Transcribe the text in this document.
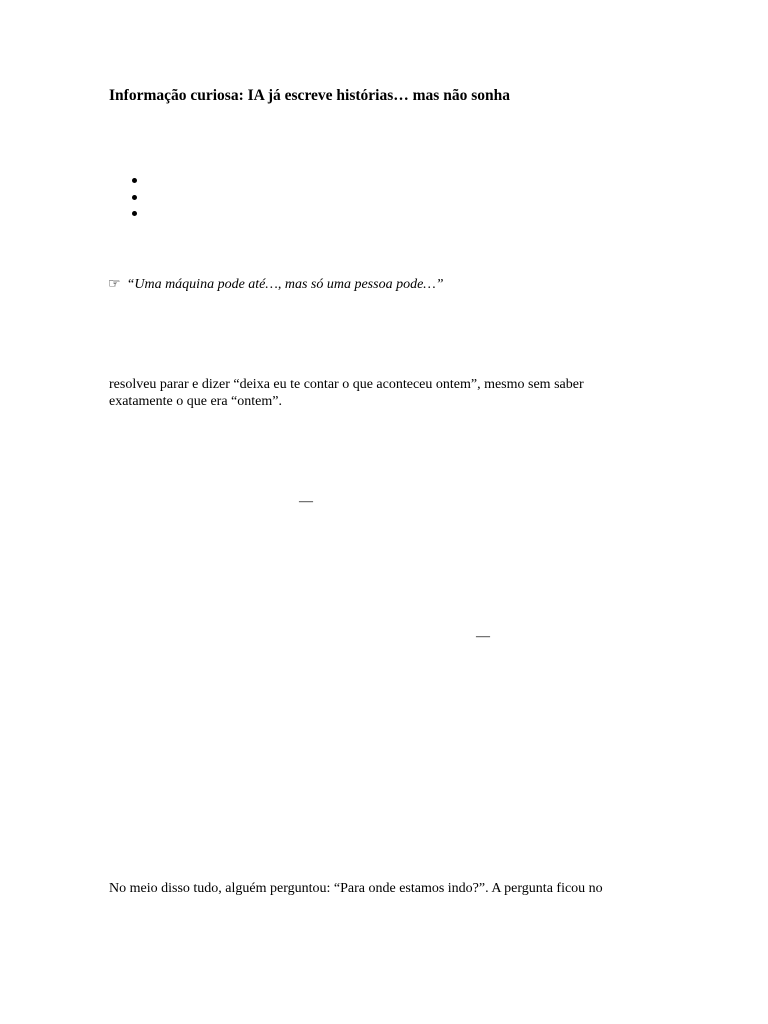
Informação curiosa: IA já escreve histórias… mas não sonha
☞ “Uma máquina pode até…, mas só uma pessoa pode…”
resolveu parar e dizer “deixa eu te contar o que aconteceu ontem”, mesmo sem saber
exatamente o que era “ontem”.
—
—
No meio disso tudo, alguém perguntou: “Para onde estamos indo?”. A pergunta ficou no
